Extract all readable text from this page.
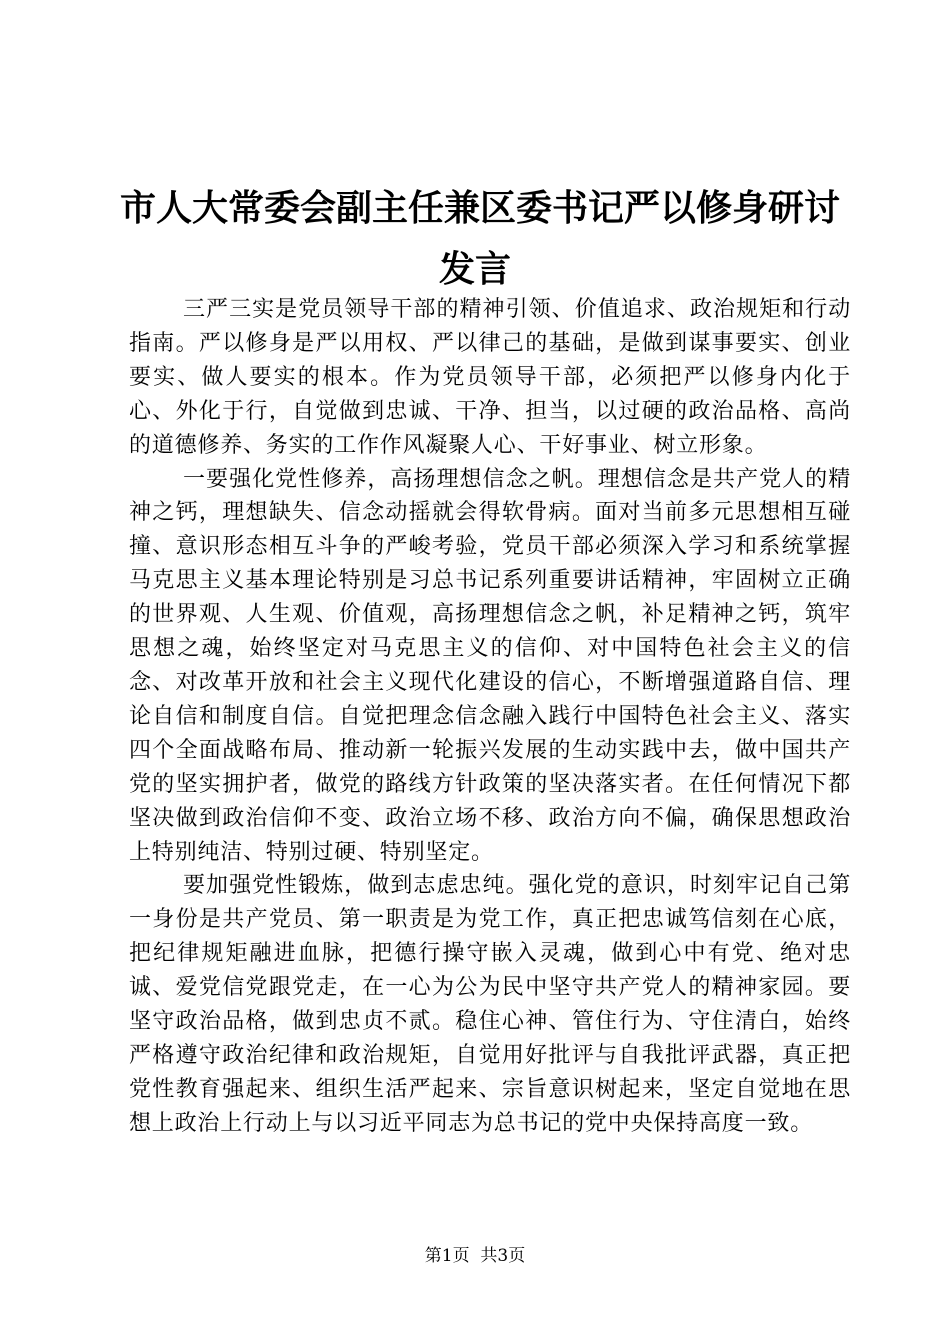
市人大常委会副主任兼区委书记严以修身研讨
发言

三严三实是党员领导干部的精神引领、价值追求、政治规矩和行动指南。严以修身是严以用权、严以律己的基础，是做到谋事要实、创业要实、做人要实的根本。作为党员领导干部，必须把严以修身内化于心、外化于行，自觉做到忠诚、干净、担当，以过硬的政治品格、高尚的道德修养、务实的工作作风凝聚人心、干好事业、树立形象。

一要强化党性修养，高扬理想信念之帆。理想信念是共产党人的精神之钙，理想缺失、信念动摇就会得软骨病。面对当前多元思想相互碰撞、意识形态相互斗争的严峻考验，党员干部必须深入学习和系统掌握马克思主义基本理论特别是习总书记系列重要讲话精神，牢固树立正确的世界观、人生观、价值观，高扬理想信念之帆，补足精神之钙，筑牢思想之魂，始终坚定对马克思主义的信仰、对中国特色社会主义的信念、对改革开放和社会主义现代化建设的信心，不断增强道路自信、理论自信和制度自信。自觉把理念信念融入践行中国特色社会主义、落实四个全面战略布局、推动新一轮振兴发展的生动实践中去，做中国共产党的坚实拥护者，做党的路线方针政策的坚决落实者。在任何情况下都坚决做到政治信仰不变、政治立场不移、政治方向不偏，确保思想政治上特别纯洁、特别过硬、特别坚定。

要加强党性锻炼，做到志虑忠纯。强化党的意识，时刻牢记自己第一身份是共产党员、第一职责是为党工作，真正把忠诚笃信刻在心底，把纪律规矩融进血脉，把德行操守嵌入灵魂，做到心中有党、绝对忠诚、爱党信党跟党走，在一心为公为民中坚守共产党人的精神家园。要坚守政治品格，做到忠贞不贰。稳住心神、管住行为、守住清白，始终严格遵守政治纪律和政治规矩，自觉用好批评与自我批评武器，真正把党性教育强起来、组织生活严起来、宗旨意识树起来，坚定自觉地在思想上政治上行动上与以习近平同志为总书记的党中央保持高度一致。

第1页  共3页
